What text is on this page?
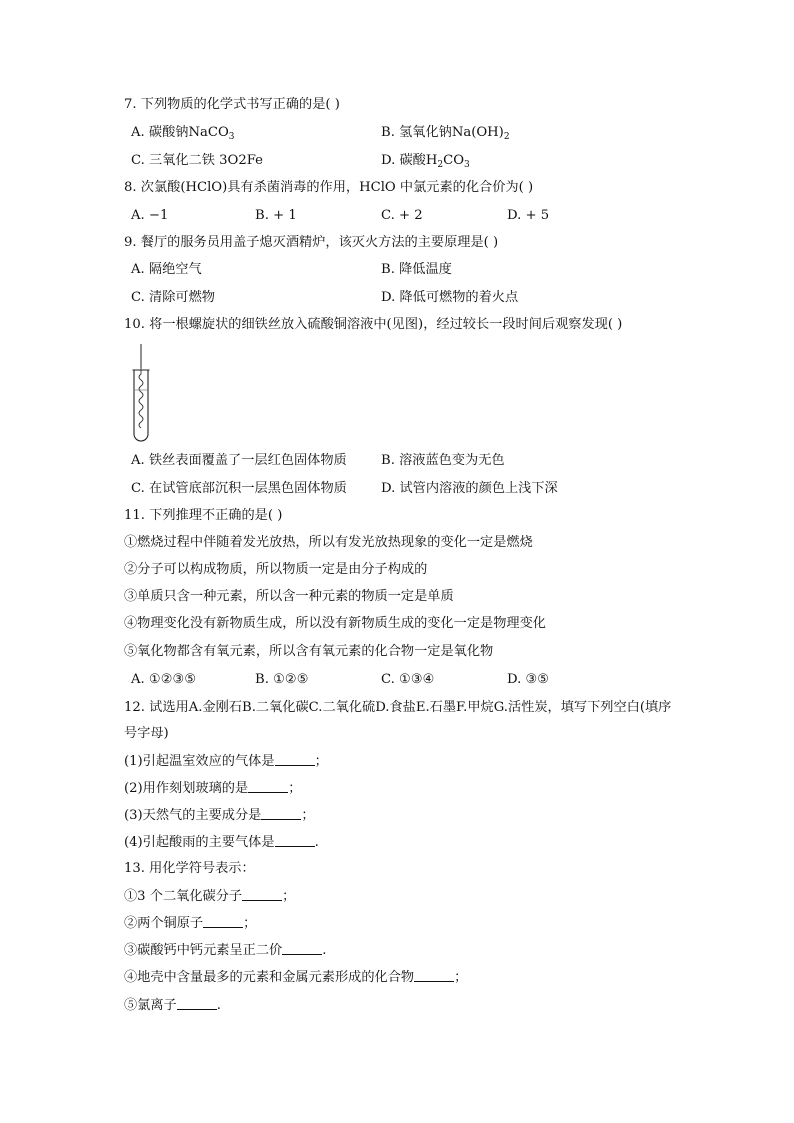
7. 下列物质的化学式书写正确的是( )
A. 碳酸钠NaCO$_3$	B. 氢氧化钠$Na(OH)_2$
C. 三氧化二铁 3O2Fe	D. 碳酸$H_2CO_3$
8. 次氯酸(HClO)具有杀菌消毒的作用，HClO 中氯元素的化合价为( )
A. −1	B. + 1	C. + 2	D. + 5
9. 餐厅的服务员用盖子熄灭酒精炉，该灭火方法的主要原理是( )
A. 隔绝空气	B. 降低温度
C. 清除可燃物	D. 降低可燃物的着火点
10. 将一根螺旋状的细铁丝放入硫酸铜溶液中(见图)，经过较长一段时间后观察发现( )
A. 铁丝表面覆盖了一层红色固体物质	B. 溶液蓝色变为无色
C. 在试管底部沉积一层黑色固体物质	D. 试管内溶液的颜色上浅下深
11. 下列推理不正确的是( )
①燃烧过程中伴随着发光放热，所以有发光放热现象的变化一定是燃烧
②分子可以构成物质，所以物质一定是由分子构成的
③单质只含一种元素，所以含一种元素的物质一定是单质
④物理变化没有新物质生成，所以没有新物质生成的变化一定是物理变化
⑤氧化物都含有氧元素，所以含有氧元素的化合物一定是氧化物
A. ①②③⑤	B. ①②⑤	C. ①③④	D. ③⑤
12. 试选用A.金刚石B.二氧化碳C.二氧化硫D.食盐E.石墨F.甲烷G.活性炭，填写下列空白(填序
号字母)
(1)引起温室效应的气体是	；
(2)用作刻划玻璃的是	；
(3)天然气的主要成分是	；
(4)引起酸雨的主要气体是	.
13. 用化学符号表示：
①3 个二氧化碳分子	；
②两个铜原子	；
③碳酸钙中钙元素呈正二价	.
④地壳中含量最多的元素和金属元素形成的化合物	；
⑤氯离子	.
